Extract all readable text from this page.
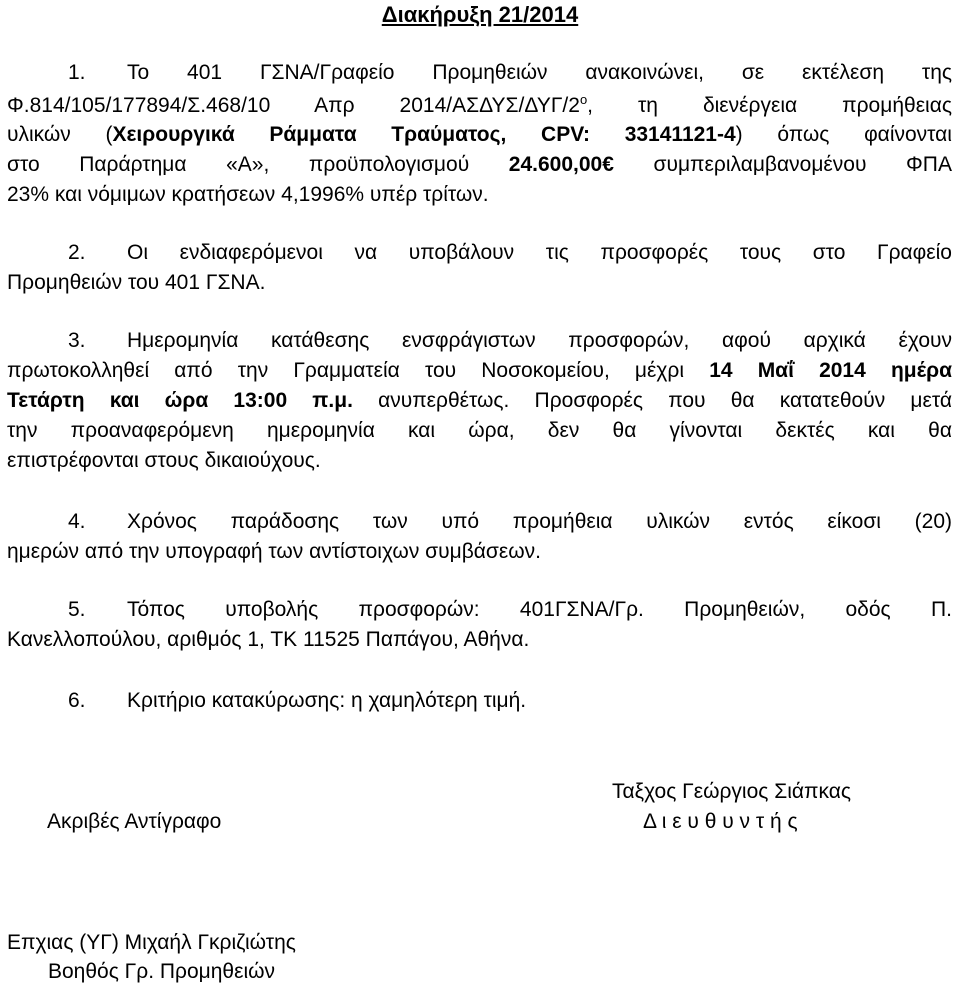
Διακήρυξη 21/2014
1. Το 401 ΓΣΝΑ/Γραφείο Προμηθειών ανακοινώνει, σε εκτέλεση της
Φ.814/105/177894/Σ.468/10 Απρ $2014/A\Sigma\Delta\Upsilon\Sigma/\Delta\Upsilon\Gamma/2^o$, τη διενέργεια προμήθειας
υλικών (Χειρουργικά Ράμματα Τραύματος, CPV: 33141121-4) όπως φαίνονται
στο Παράρτημα «Α», προϋπολογισμού 24.600,00€ συμπεριλαμβανομένου ΦΠΑ
23% και νόμιμων κρατήσεων 4,1996% υπέρ τρίτων.
2. Οι ενδιαφερόμενοι να υποβάλουν τις προσφορές τους στο Γραφείο
Προμηθειών του 401 ΓΣΝΑ.
3. Ημερομηνία κατάθεσης ενσφράγιστων προσφορών, αφού αρχικά έχουν
πρωτοκολληθεί από την Γραμματεία του Νοσοκομείου, μέχρι 14 Μαΐ 2014 ημέρα
Τετάρτη και ώρα 13:00 π.μ. ανυπερθέτως. Προσφορές που θα κατατεθούν μετά
την προαναφερόμενη ημερομηνία και ώρα, δεν θα γίνονται δεκτές και θα
επιστρέφονται στους δικαιούχους.
4. Χρόνος παράδοσης των υπό προμήθεια υλικών εντός είκοσι (20)
ημερών από την υπογραφή των αντίστοιχων συμβάσεων.
5. Τόπος υποβολής προσφορών: 401ΓΣΝΑ/Γρ. Προμηθειών, οδός Π.
Κανελλοπούλου, αριθμός 1, ΤΚ 11525 Παπάγου, Αθήνα.
6. Κριτήριο κατακύρωσης: η χαμηλότερη τιμή.
Ταξχος Γεώργιος Σιάπκας
Ακριβές Αντίγραφο	Δ ι ε υ θ υ ν τ ή ς
Επχιας (ΥΓ) Μιχαήλ Γκριζιώτης
Βοηθός Γρ. Προμηθειών
